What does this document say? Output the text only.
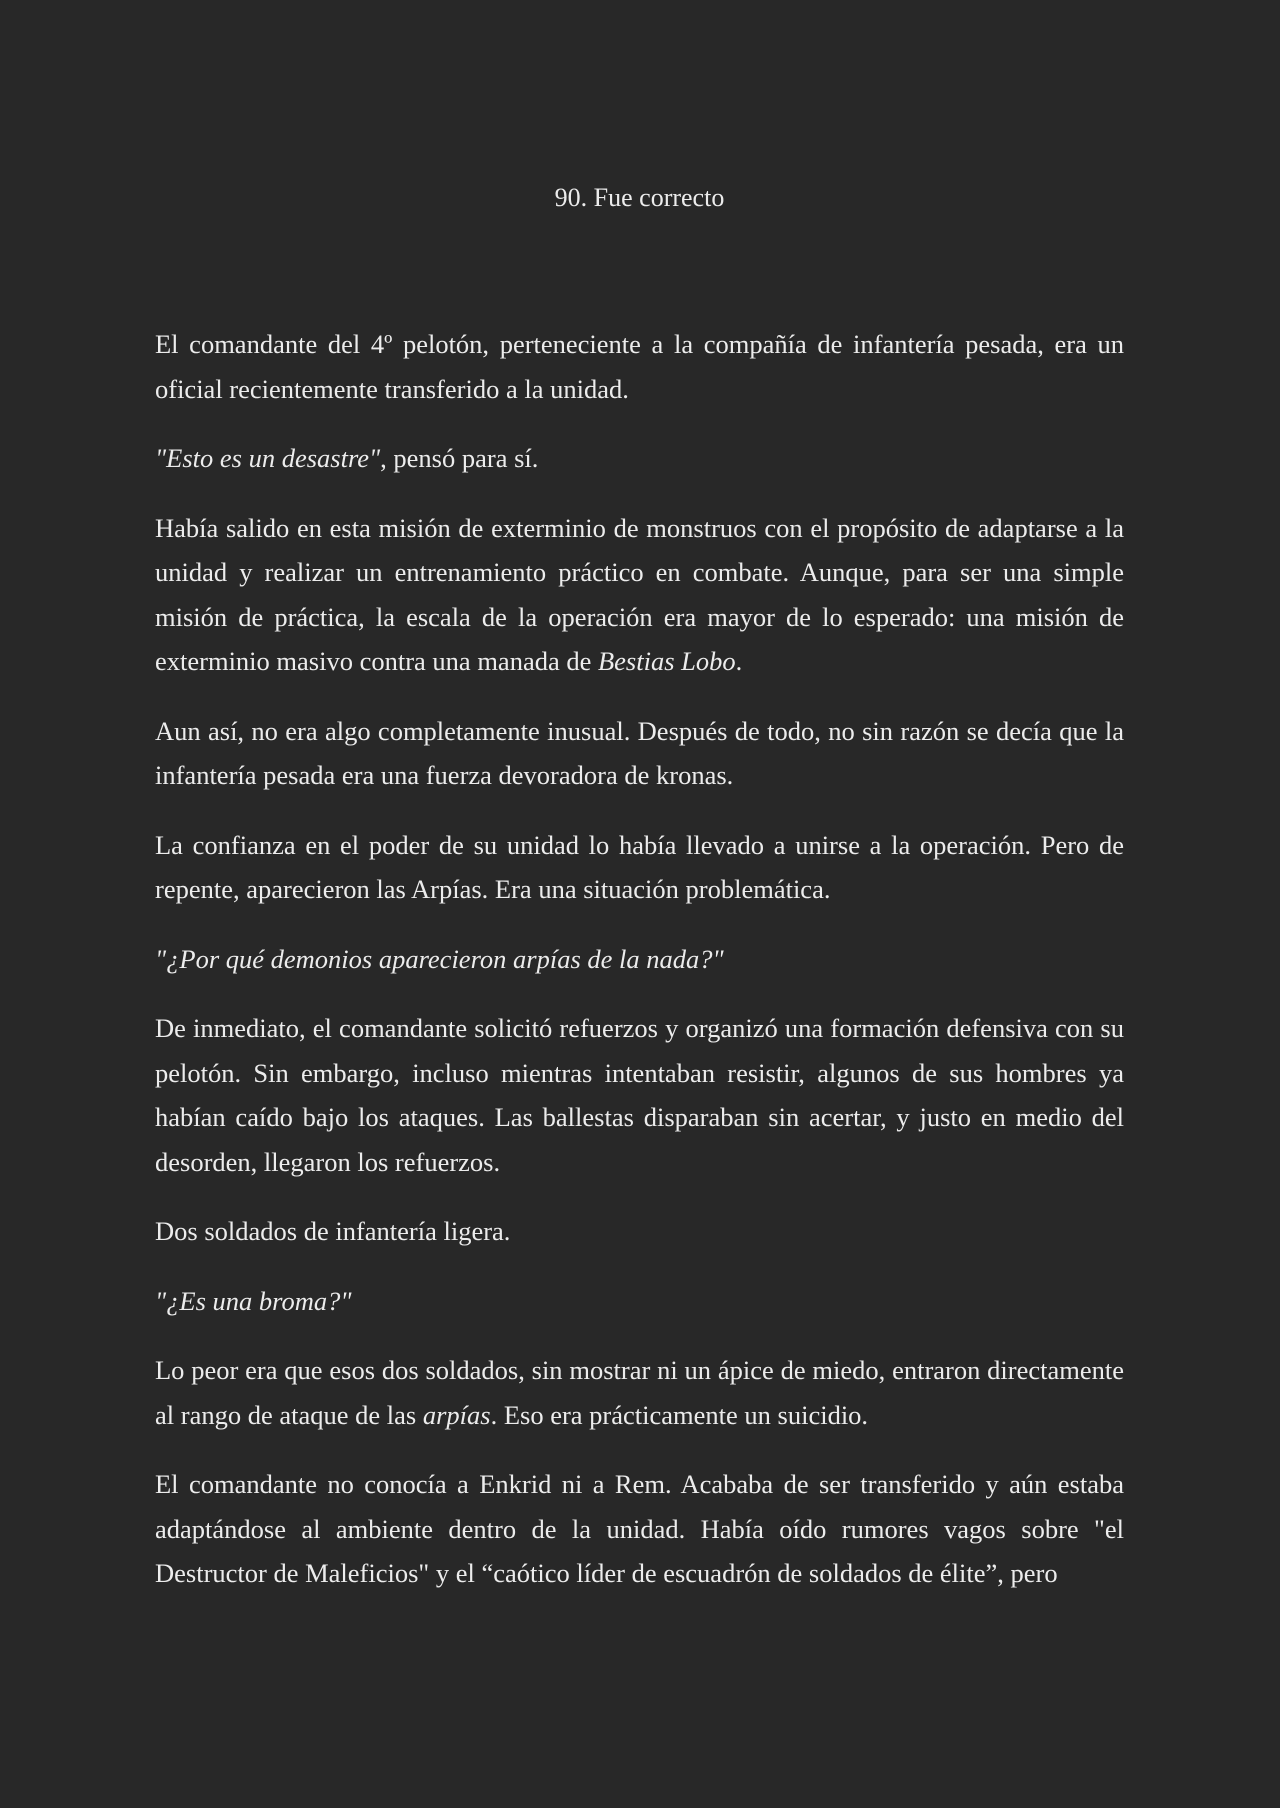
90. Fue correcto

El comandante del 4º pelotón, perteneciente a la compañía de infantería pesada, era un oficial recientemente transferido a la unidad.

"Esto es un desastre", pensó para sí.

Había salido en esta misión de exterminio de monstruos con el propósito de adaptarse a la unidad y realizar un entrenamiento práctico en combate. Aunque, para ser una simple misión de práctica, la escala de la operación era mayor de lo esperado: una misión de exterminio masivo contra una manada de Bestias Lobo.

Aun así, no era algo completamente inusual. Después de todo, no sin razón se decía que la infantería pesada era una fuerza devoradora de kronas.

La confianza en el poder de su unidad lo había llevado a unirse a la operación. Pero de repente, aparecieron las Arpías. Era una situación problemática.

"¿Por qué demonios aparecieron arpías de la nada?"

De inmediato, el comandante solicitó refuerzos y organizó una formación defensiva con su pelotón. Sin embargo, incluso mientras intentaban resistir, algunos de sus hombres ya habían caído bajo los ataques. Las ballestas disparaban sin acertar, y justo en medio del desorden, llegaron los refuerzos.

Dos soldados de infantería ligera.

"¿Es una broma?"

Lo peor era que esos dos soldados, sin mostrar ni un ápice de miedo, entraron directamente al rango de ataque de las arpías. Eso era prácticamente un suicidio.

El comandante no conocía a Enkrid ni a Rem. Acababa de ser transferido y aún estaba adaptándose al ambiente dentro de la unidad. Había oído rumores vagos sobre "el Destructor de Maleficios" y el “caótico líder de escuadrón de soldados de élite”, pero
